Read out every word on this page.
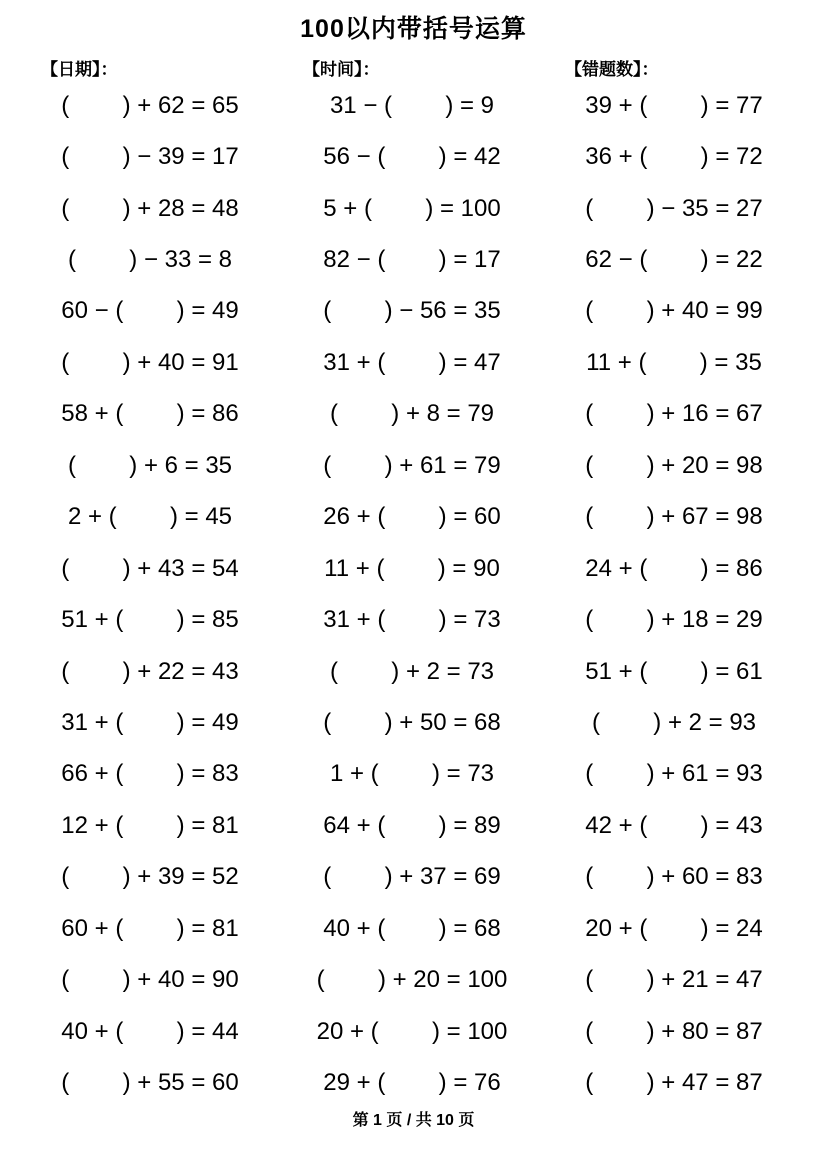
100以内带括号运算
【日期】：	【时间】：	【错题数】：
(        ) + 62 = 65
(        ) − 39 = 17
(        ) + 28 = 48
(        ) − 33 = 8
60 − (        ) = 49
(        ) + 40 = 91
58 + (        ) = 86
(        ) + 6 = 35
2 + (        ) = 45
(        ) + 43 = 54
51 + (        ) = 85
(        ) + 22 = 43
31 + (        ) = 49
66 + (        ) = 83
12 + (        ) = 81
(        ) + 39 = 52
60 + (        ) = 81
(        ) + 40 = 90
40 + (        ) = 44
(        ) + 55 = 60
31 − (        ) = 9
56 − (        ) = 42
5 + (        ) = 100
82 − (        ) = 17
(        ) − 56 = 35
31 + (        ) = 47
(        ) + 8 = 79
(        ) + 61 = 79
26 + (        ) = 60
11 + (        ) = 90
31 + (        ) = 73
(        ) + 2 = 73
(        ) + 50 = 68
1 + (        ) = 73
64 + (        ) = 89
(        ) + 37 = 69
40 + (        ) = 68
(        ) + 20 = 100
20 + (        ) = 100
29 + (        ) = 76
39 + (        ) = 77
36 + (        ) = 72
(        ) − 35 = 27
62 − (        ) = 22
(        ) + 40 = 99
11 + (        ) = 35
(        ) + 16 = 67
(        ) + 20 = 98
(        ) + 67 = 98
24 + (        ) = 86
(        ) + 18 = 29
51 + (        ) = 61
(        ) + 2 = 93
(        ) + 61 = 93
42 + (        ) = 43
(        ) + 60 = 83
20 + (        ) = 24
(        ) + 21 = 47
(        ) + 80 = 87
(        ) + 47 = 87
第 1 页 / 共 10 页
